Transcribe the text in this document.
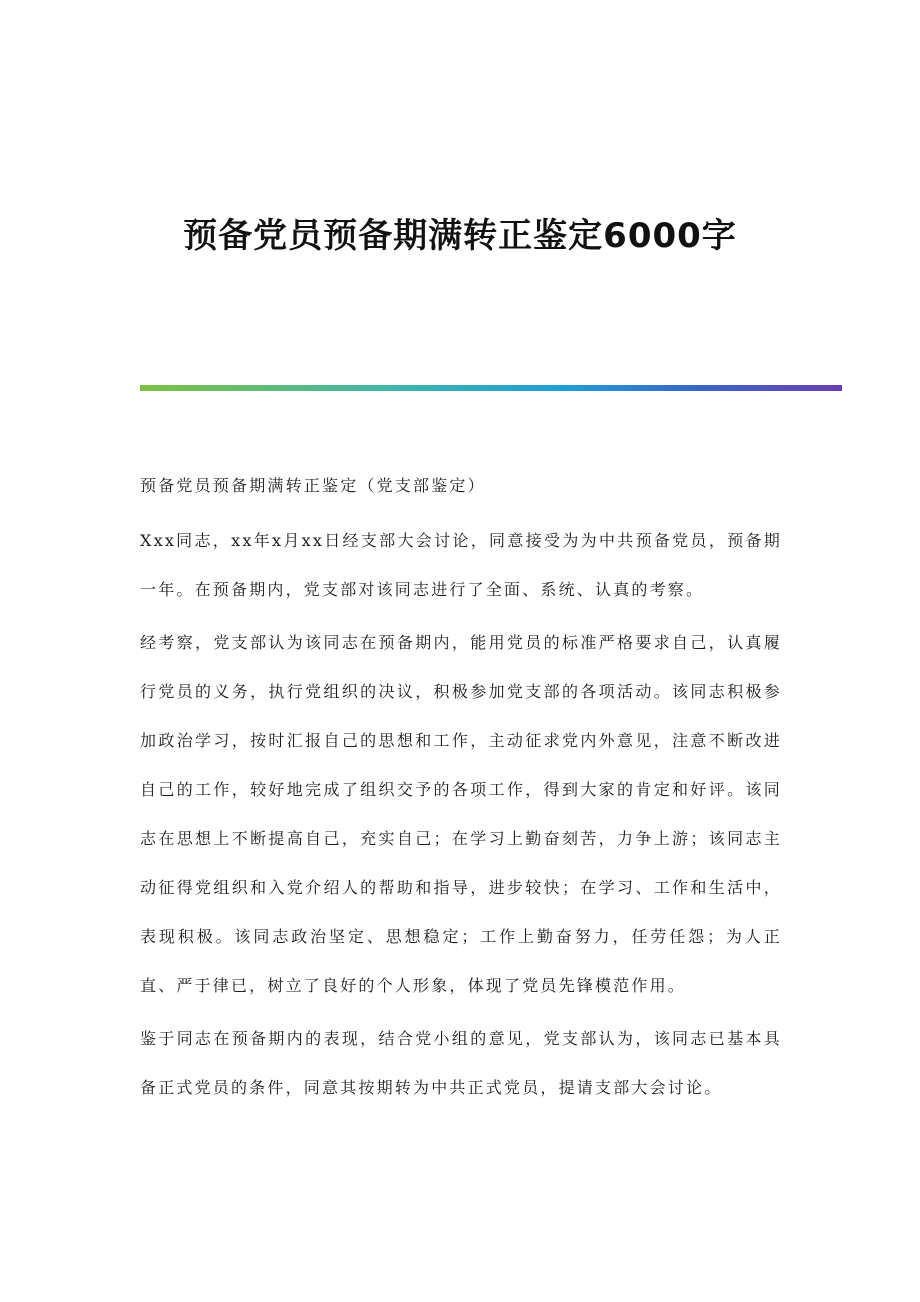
预备党员预备期满转正鉴定6000字

预备党员预备期满转正鉴定（党支部鉴定）

Xxx同志，xx年x月xx日经支部大会讨论，同意接受为为中共预备党员，预备期一年。在预备期内，党支部对该同志进行了全面、系统、认真的考察。

经考察，党支部认为该同志在预备期内，能用党员的标准严格要求自己，认真履行党员的义务，执行党组织的决议，积极参加党支部的各项活动。该同志积极参加政治学习，按时汇报自己的思想和工作，主动征求党内外意见，注意不断改进自己的工作，较好地完成了组织交予的各项工作，得到大家的肯定和好评。该同志在思想上不断提高自己，充实自己；在学习上勤奋刻苦，力争上游；该同志主动征得党组织和入党介绍人的帮助和指导，进步较快；在学习、工作和生活中，表现积极。该同志政治坚定、思想稳定；工作上勤奋努力，任劳任怨；为人正直、严于律已，树立了良好的个人形象，体现了党员先锋模范作用。

鉴于同志在预备期内的表现，结合党小组的意见，党支部认为，该同志已基本具备正式党员的条件，同意其按期转为中共正式党员，提请支部大会讨论。
